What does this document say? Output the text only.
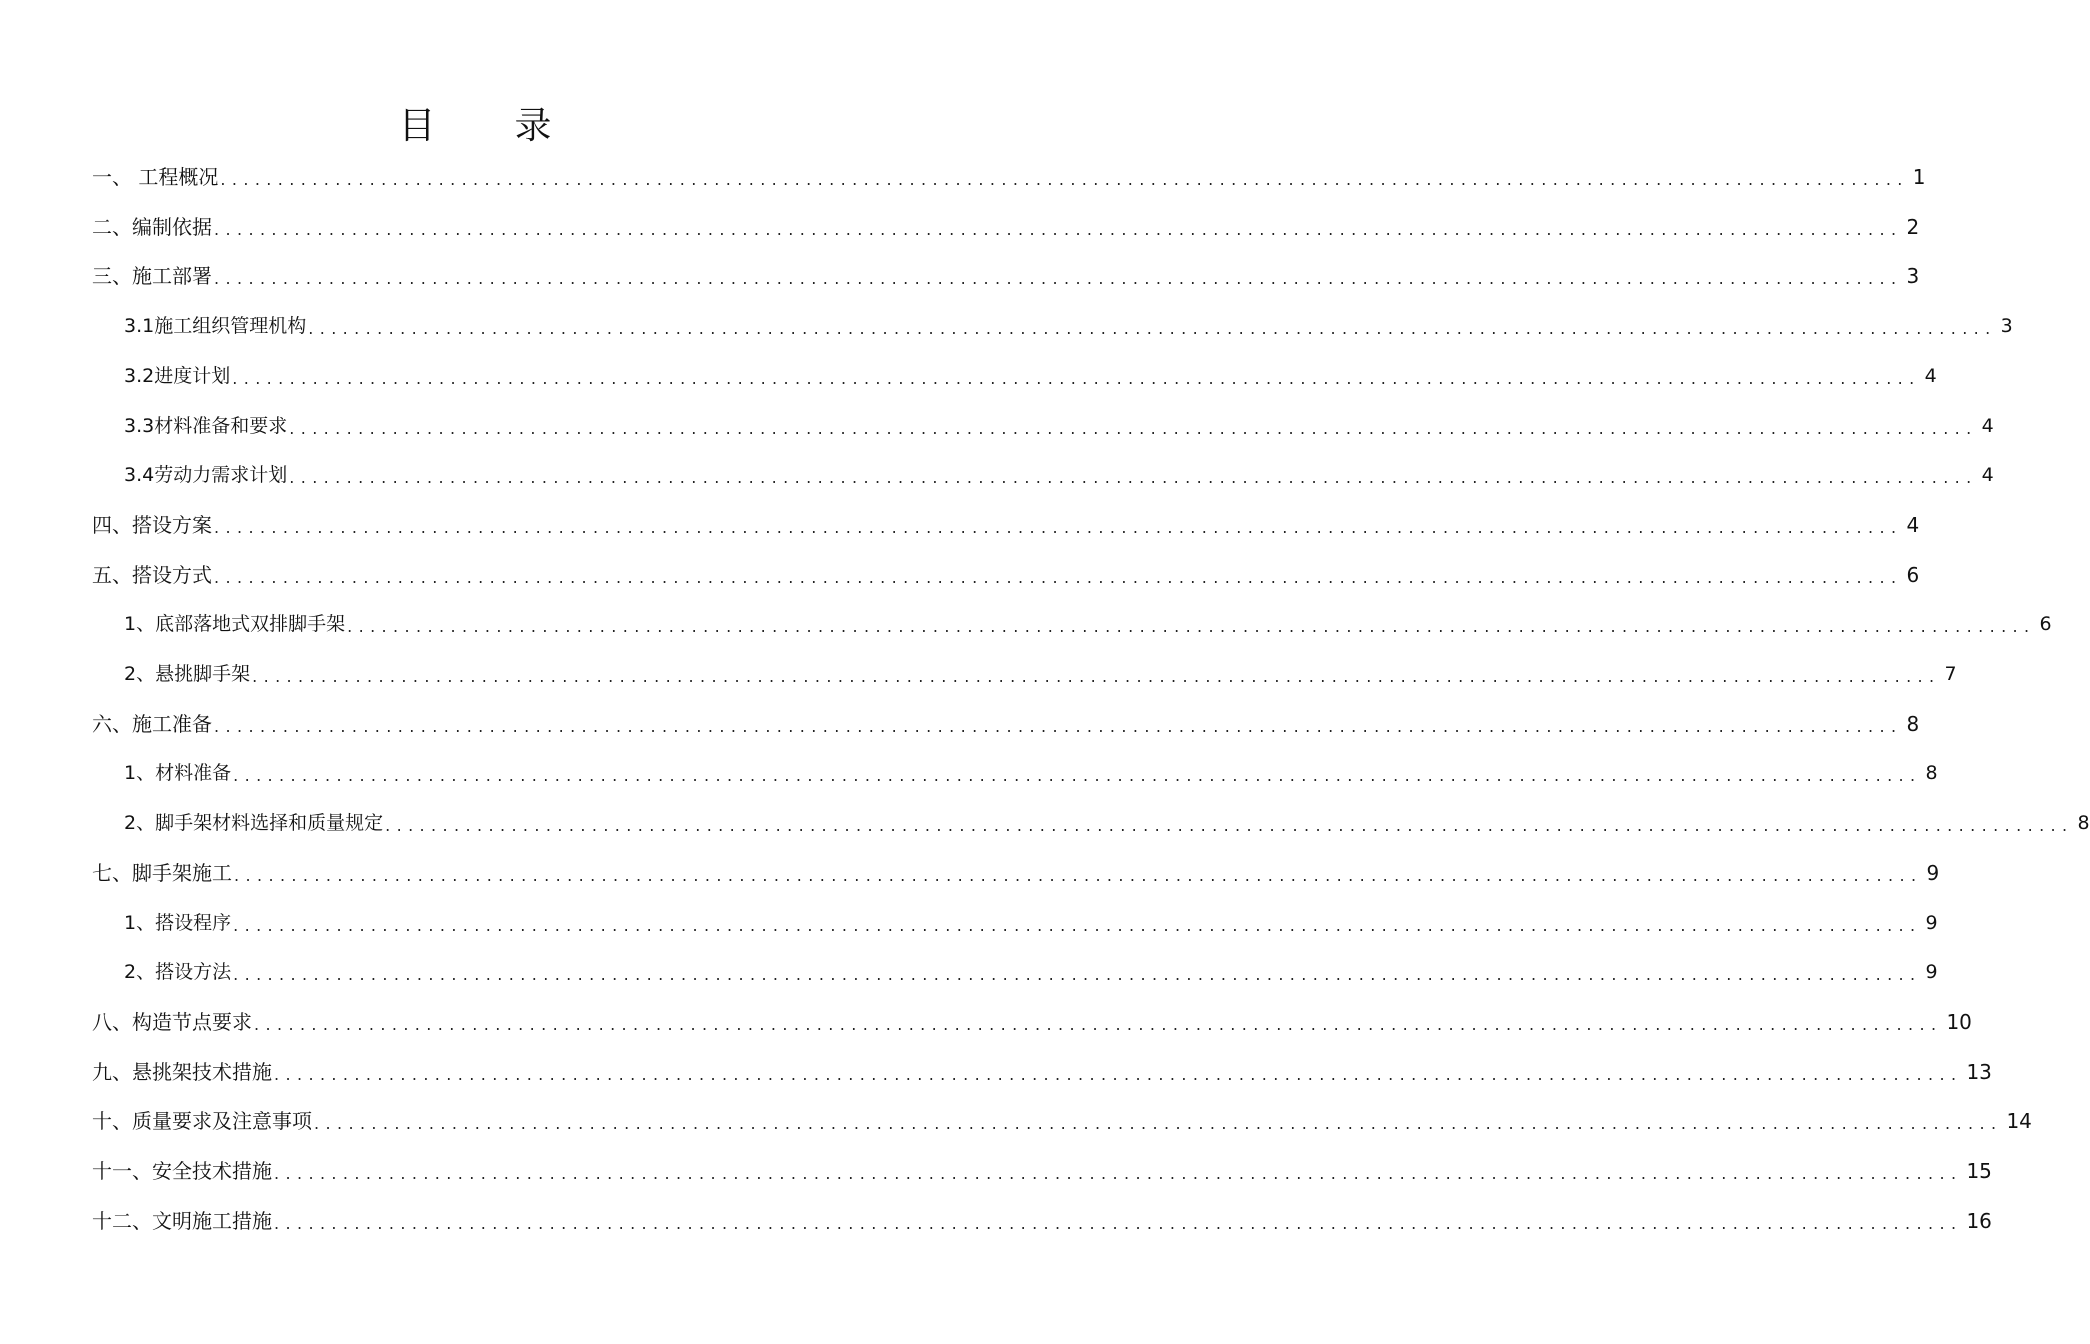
目 录
一、 工程概况 ................................................................................................................................................... 1
二、编制依据 ................................................................................................................................................... 2
三、施工部署 ................................................................................................................................................... 3
3.1施工组织管理机构 ................................................................................................................................................... 3
3.2进度计划 ................................................................................................................................................... 4
3.3材料准备和要求 ................................................................................................................................................... 4
3.4劳动力需求计划 ................................................................................................................................................... 4
四、搭设方案 ................................................................................................................................................... 4
五、搭设方式 ................................................................................................................................................... 6
1、底部落地式双排脚手架 ................................................................................................................................................... 6
2、悬挑脚手架 ................................................................................................................................................... 7
六、施工准备 ................................................................................................................................................... 8
1、材料准备 ................................................................................................................................................... 8
2、脚手架材料选择和质量规定 ................................................................................................................................................... 8
七、脚手架施工 ................................................................................................................................................... 9
1、搭设程序 ................................................................................................................................................... 9
2、搭设方法 ................................................................................................................................................... 9
八、构造节点要求 ................................................................................................................................................... 10
九、悬挑架技术措施 ................................................................................................................................................... 13
十、质量要求及注意事项 ................................................................................................................................................... 14
十一、安全技术措施 ................................................................................................................................................... 15
十二、文明施工措施 ................................................................................................................................................... 16
